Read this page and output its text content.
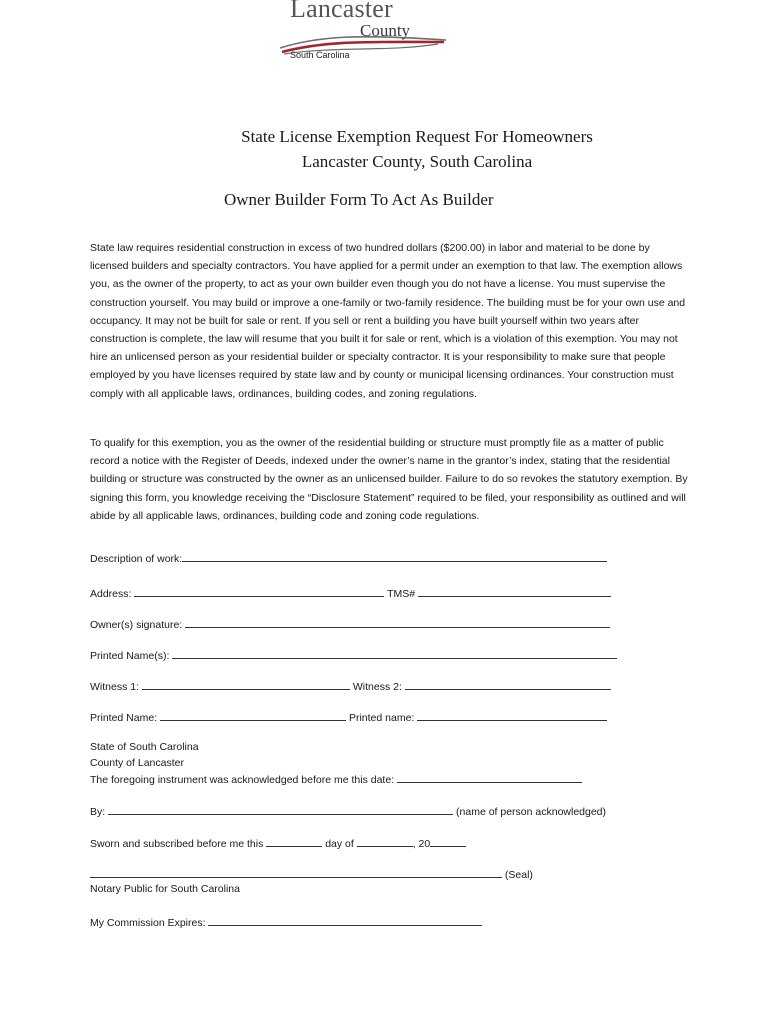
Lancaster
County
South Carolina
State License Exemption Request For Homeowners
Lancaster County, South Carolina
Owner Builder Form To Act As Builder

State law requires residential construction in excess of two hundred dollars ($200.00) in labor and material to be done by licensed builders and specialty contractors. You have applied for a permit under an exemption to that law. The exemption allows you, as the owner of the property, to act as your own builder even though you do not have a license. You must supervise the construction yourself. You may build or improve a one-family or two-family residence. The building must be for your own use and occupancy. It may not be built for sale or rent. If you sell or rent a building you have built yourself within two years after construction is complete, the law will resume that you built it for sale or rent, which is a violation of this exemption. You may not hire an unlicensed person as your residential builder or specialty contractor. It is your responsibility to make sure that people employed by you have licenses required by state law and by county or municipal licensing ordinances. Your construction must comply with all applicable laws, ordinances, building codes, and zoning regulations.

To qualify for this exemption, you as the owner of the residential building or structure must promptly file as a matter of public record a notice with the Register of Deeds, indexed under the owner’s name in the grantor’s index, stating that the residential building or structure was constructed by the owner as an unlicensed builder. Failure to do so revokes the statutory exemption. By signing this form, you knowledge receiving the “Disclosure Statement” required to be filed, your responsibility as outlined and will abide by all applicable laws, ordinances, building code and zoning code regulations.

Description of work:
Address:	TMS#
Owner(s) signature:
Printed Name(s):
Witness 1:	Witness 2:
Printed Name:	Printed name:
State of South Carolina
County of Lancaster
The foregoing instrument was acknowledged before me this date:
By:	(name of person acknowledged)
Sworn and subscribed before me this	day of	, 20
(Seal)
Notary Public for South Carolina
My Commission Expires:
